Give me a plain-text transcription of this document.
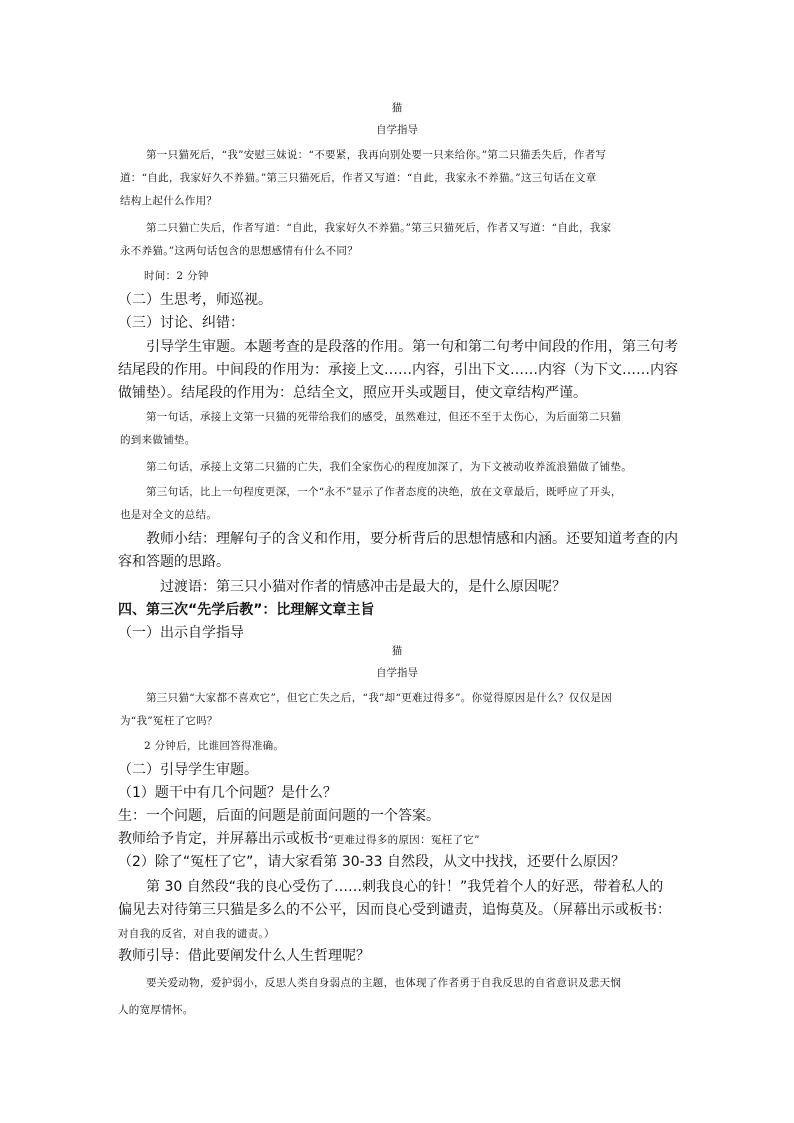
猫
自学指导
第一只猫死后，“我”安慰三妹说：“不要紧，我再向别处要一只来给你。”第二只猫丢失后，作者写
道：“自此，我家好久不养猫。”第三只猫死后，作者又写道：“自此，我家永不养猫。”这三句话在文章
结构上起什么作用？
第二只猫亡失后，作者写道：“自此，我家好久不养猫。”第三只猫死后，作者又写道：“自此，我家
永不养猫。”这两句话包含的思想感情有什么不同？
时间：2 分钟
（二）生思考，师巡视。
（三）讨论、纠错：
引导学生审题。本题考查的是段落的作用。第一句和第二句考中间段的作用，第三句考
结尾段的作用。中间段的作用为：承接上文……内容，引出下文……内容（为下文……内容
做铺垫）。结尾段的作用为：总结全文，照应开头或题目，使文章结构严谨。
第一句话，承接上文第一只猫的死带给我们的感受，虽然难过，但还不至于太伤心，为后面第二只猫
的到来做铺垫。
第二句话，承接上文第二只猫的亡失，我们全家伤心的程度加深了，为下文被动收养流浪猫做了铺垫。
第三句话，比上一句程度更深，一个“永不”显示了作者态度的决绝，放在文章最后，既呼应了开头，
也是对全文的总结。
教师小结：理解句子的含义和作用，要分析背后的思想情感和内涵。还要知道考查的内
容和答题的思路。
过渡语：第三只小猫对作者的情感冲击是最大的，是什么原因呢？
四、第三次“先学后教”：比理解文章主旨
（一）出示自学指导
猫
自学指导
第三只猫“大家都不喜欢它”，但它亡失之后，“我”却“更难过得多”。你觉得原因是什么？仅仅是因
为“我”冤枉了它吗？
2 分钟后，比谁回答得准确。
（二）引导学生审题。
（1）题干中有几个问题？是什么？
生：一个问题，后面的问题是前面问题的一个答案。
教师给予肯定，并屏幕出示或板书“更难过得多的原因：冤枉了它”
（2）除了“冤枉了它”，请大家看第 30-33 自然段，从文中找找，还要什么原因？
第 30 自然段“我的良心受伤了……刺我良心的针！”我凭着个人的好恶，带着私人的
偏见去对待第三只猫是多么的不公平，因而良心受到谴责，追悔莫及。（屏幕出示或板书：
对自我的反省，对自我的谴责。）
教师引导：借此要阐发什么人生哲理呢？
要关爱动物，爱护弱小，反思人类自身弱点的主题，也体现了作者勇于自我反思的自省意识及悲天悯
人的宽厚情怀。
